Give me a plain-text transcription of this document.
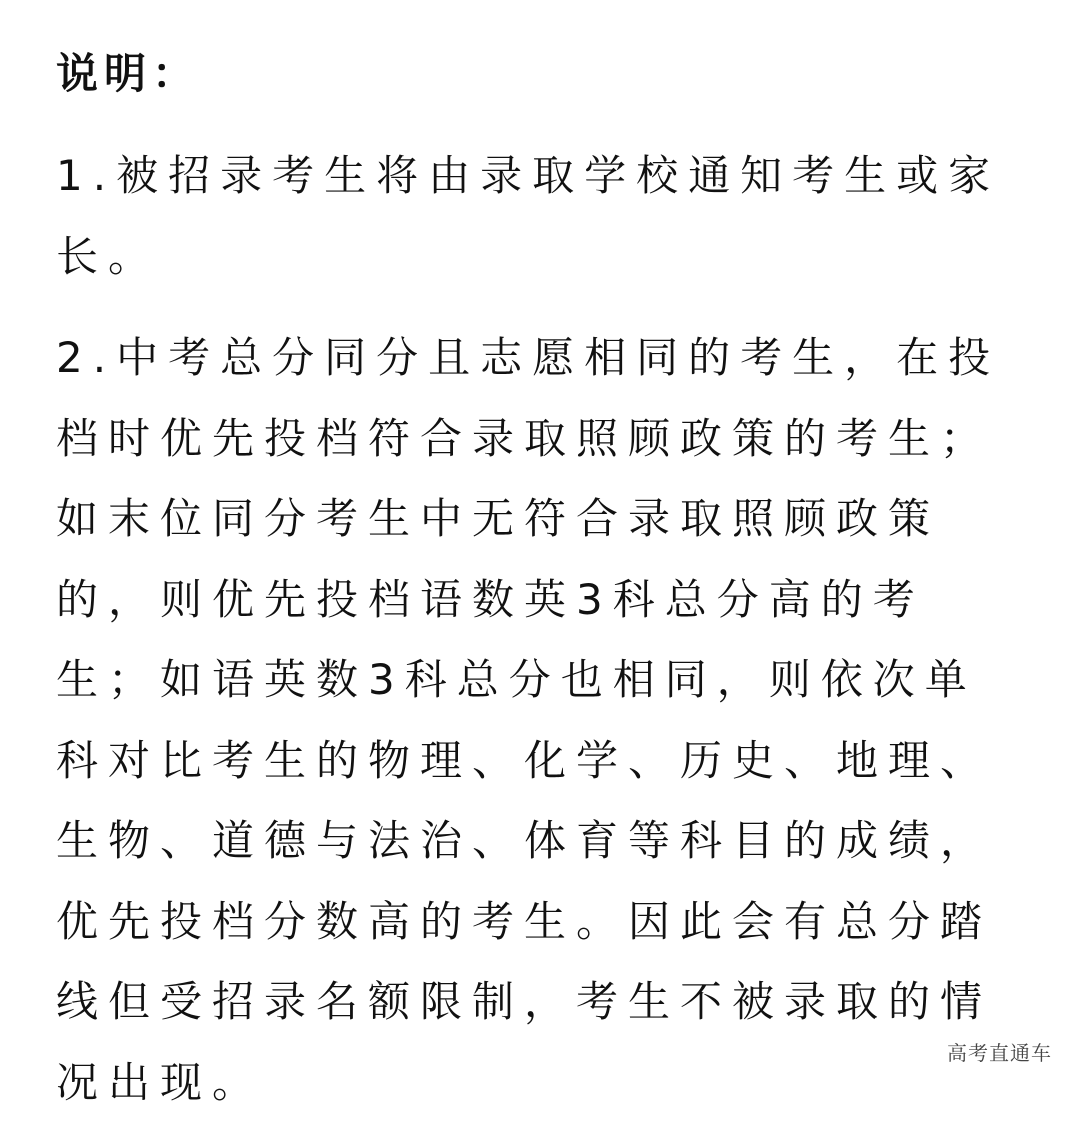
说明：

1.被招录考生将由录取学校通知考生或家长。

2.中考总分同分且志愿相同的考生，在投档时优先投档符合录取照顾政策的考生；如末位同分考生中无符合录取照顾政策的，则优先投档语数英3科总分高的考生；如语英数3科总分也相同，则依次单科对比考生的物理、化学、历史、地理、生物、道德与法治、体育等科目的成绩，优先投档分数高的考生。因此会有总分踏线但受招录名额限制，考生不被录取的情况出现。

高考直通车
